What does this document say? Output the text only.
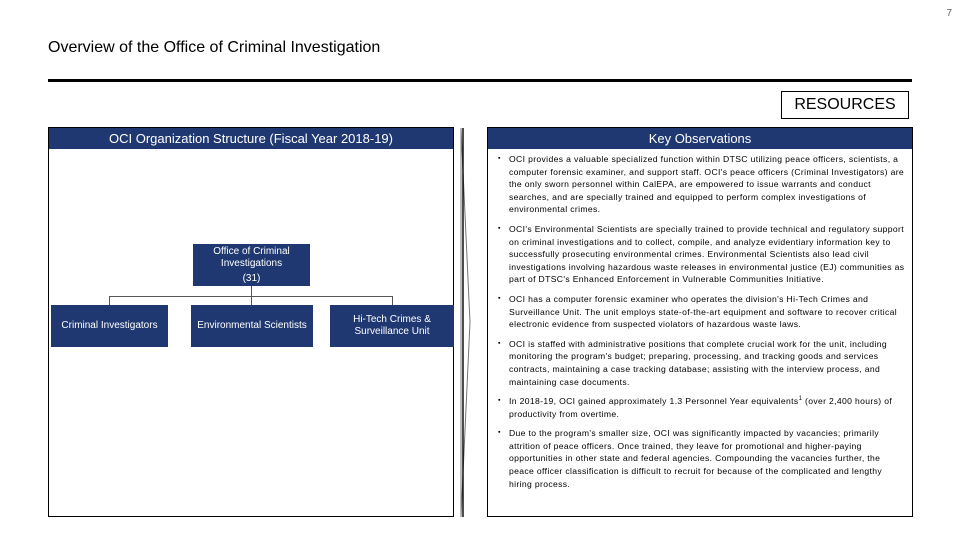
7
Overview of the Office of Criminal Investigation
RESOURCES
OCI Organization Structure (Fiscal Year 2018-19)
Office of Criminal
Investigations
(31)
Criminal Investigators	Environmental Scientists
Hi-Tech Crimes &
Surveillance Unit
Key Observations
▪ OCI provides a valuable specialized function within DTSC utilizing peace officers, scientists, a computer forensic examiner, and support staff. OCI's peace officers (Criminal Investigators) are the only sworn personnel within CalEPA, are empowered to issue warrants and conduct searches, and are specially trained and equipped to perform complex investigations of environmental crimes.
▪ OCI's Environmental Scientists are specially trained to provide technical and regulatory support on criminal investigations and to collect, compile, and analyze evidentiary information key to successfully prosecuting environmental crimes. Environmental Scientists also lead civil investigations involving hazardous waste releases in environmental justice (EJ) communities as part of DTSC's Enhanced Enforcement in Vulnerable Communities Initiative.
▪ OCI has a computer forensic examiner who operates the division's Hi-Tech Crimes and Surveillance Unit. The unit employs state-of-the-art equipment and software to recover critical electronic evidence from suspected violators of hazardous waste laws.
▪ OCI is staffed with administrative positions that complete crucial work for the unit, including monitoring the program's budget; preparing, processing, and tracking goods and services contracts, maintaining a case tracking database; assisting with the interview process, and maintaining case documents.
▪ In 2018-19, OCI gained approximately 1.3 Personnel Year equivalents$^1$ (over 2,400 hours) of productivity from overtime.
▪ Due to the program's smaller size, OCI was significantly impacted by vacancies; primarily attrition of peace officers. Once trained, they leave for promotional and higher-paying opportunities in other state and federal agencies. Compounding the vacancies further, the peace officer classification is difficult to recruit for because of the complicated and lengthy hiring process.
